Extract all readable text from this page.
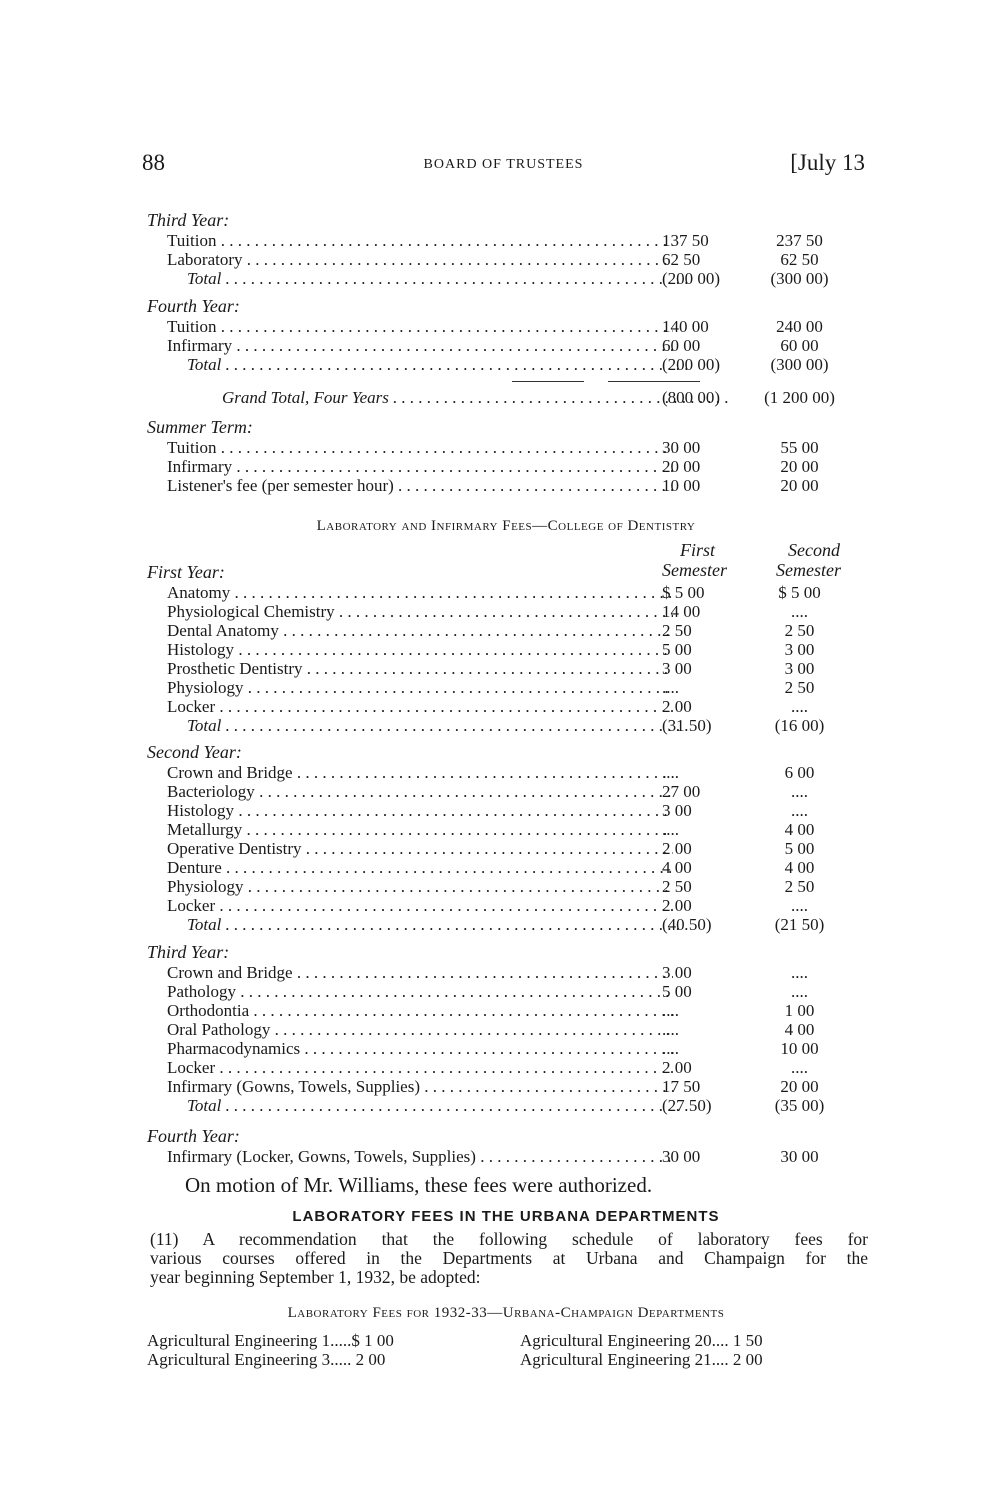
88	BOARD OF TRUSTEES	[July 13
Third Year:
Tuition . . .	137 50	237 50
Laboratory . . .	62 50	62 50
Total . . .	(200 00)	(300 00)
Fourth Year:
Tuition . . .	140 00	240 00
Infirmary . . .	60 00	60 00
Total . . .	(200 00)	(300 00)
Grand Total, Four Years . . .	(800 00)	(1 200 00)
Summer Term:
Tuition . . .	30 00	55 00
Infirmary . . .	20 00	20 00
Listener's fee (per semester hour) . . .	10 00	20 00
Laboratory and Infirmary Fees—College of Dentistry
First
Semester
Second
Semester
First Year:
Anatomy . . .	$ 5 00	$ 5 00
Physiological Chemistry . . .	14 00	....
Dental Anatomy . . .	2 50	2 50
Histology . . .	5 00	3 00
Prosthetic Dentistry . . .	3 00	3 00
Physiology . . .	....	2 50
Locker . . .	2 00	....
Total . . .	(31 50)	(16 00)
Second Year:
Crown and Bridge . . .	....	6 00
Bacteriology . . .	27 00	....
Histology . . .	3 00	....
Metallurgy . . .	....	4 00
Operative Dentistry . . .	2 00	5 00
Denture . . .	4 00	4 00
Physiology . . .	2 50	2 50
Locker . . .	2 00	....
Total . . .	(40 50)	(21 50)
Third Year:
Crown and Bridge . . .	3 00	....
Pathology . . .	5 00	....
Orthodontia . . .	....	1 00
Oral Pathology . . .	....	4 00
Pharmacodynamics . . .	....	10 00
Locker . . .	2 00	....
Infirmary (Gowns, Towels, Supplies) . . .	17 50	20 00
Total . . .	(27 50)	(35 00)
Fourth Year:
Infirmary (Locker, Gowns, Towels, Supplies) . . .	30 00	30 00
On motion of Mr. Williams, these fees were authorized.
LABORATORY FEES IN THE URBANA DEPARTMENTS
(11) A recommendation that the following schedule of laboratory fees for
various courses offered in the Departments at Urbana and Champaign for the
year beginning September 1, 1932, be adopted:
Laboratory Fees for 1932-33—Urbana-Champaign Departments
Agricultural Engineering 1.....$ 1 00	Agricultural Engineering 20.... 1 50
Agricultural Engineering 3..... 2 00	Agricultural Engineering 21.... 2 00
